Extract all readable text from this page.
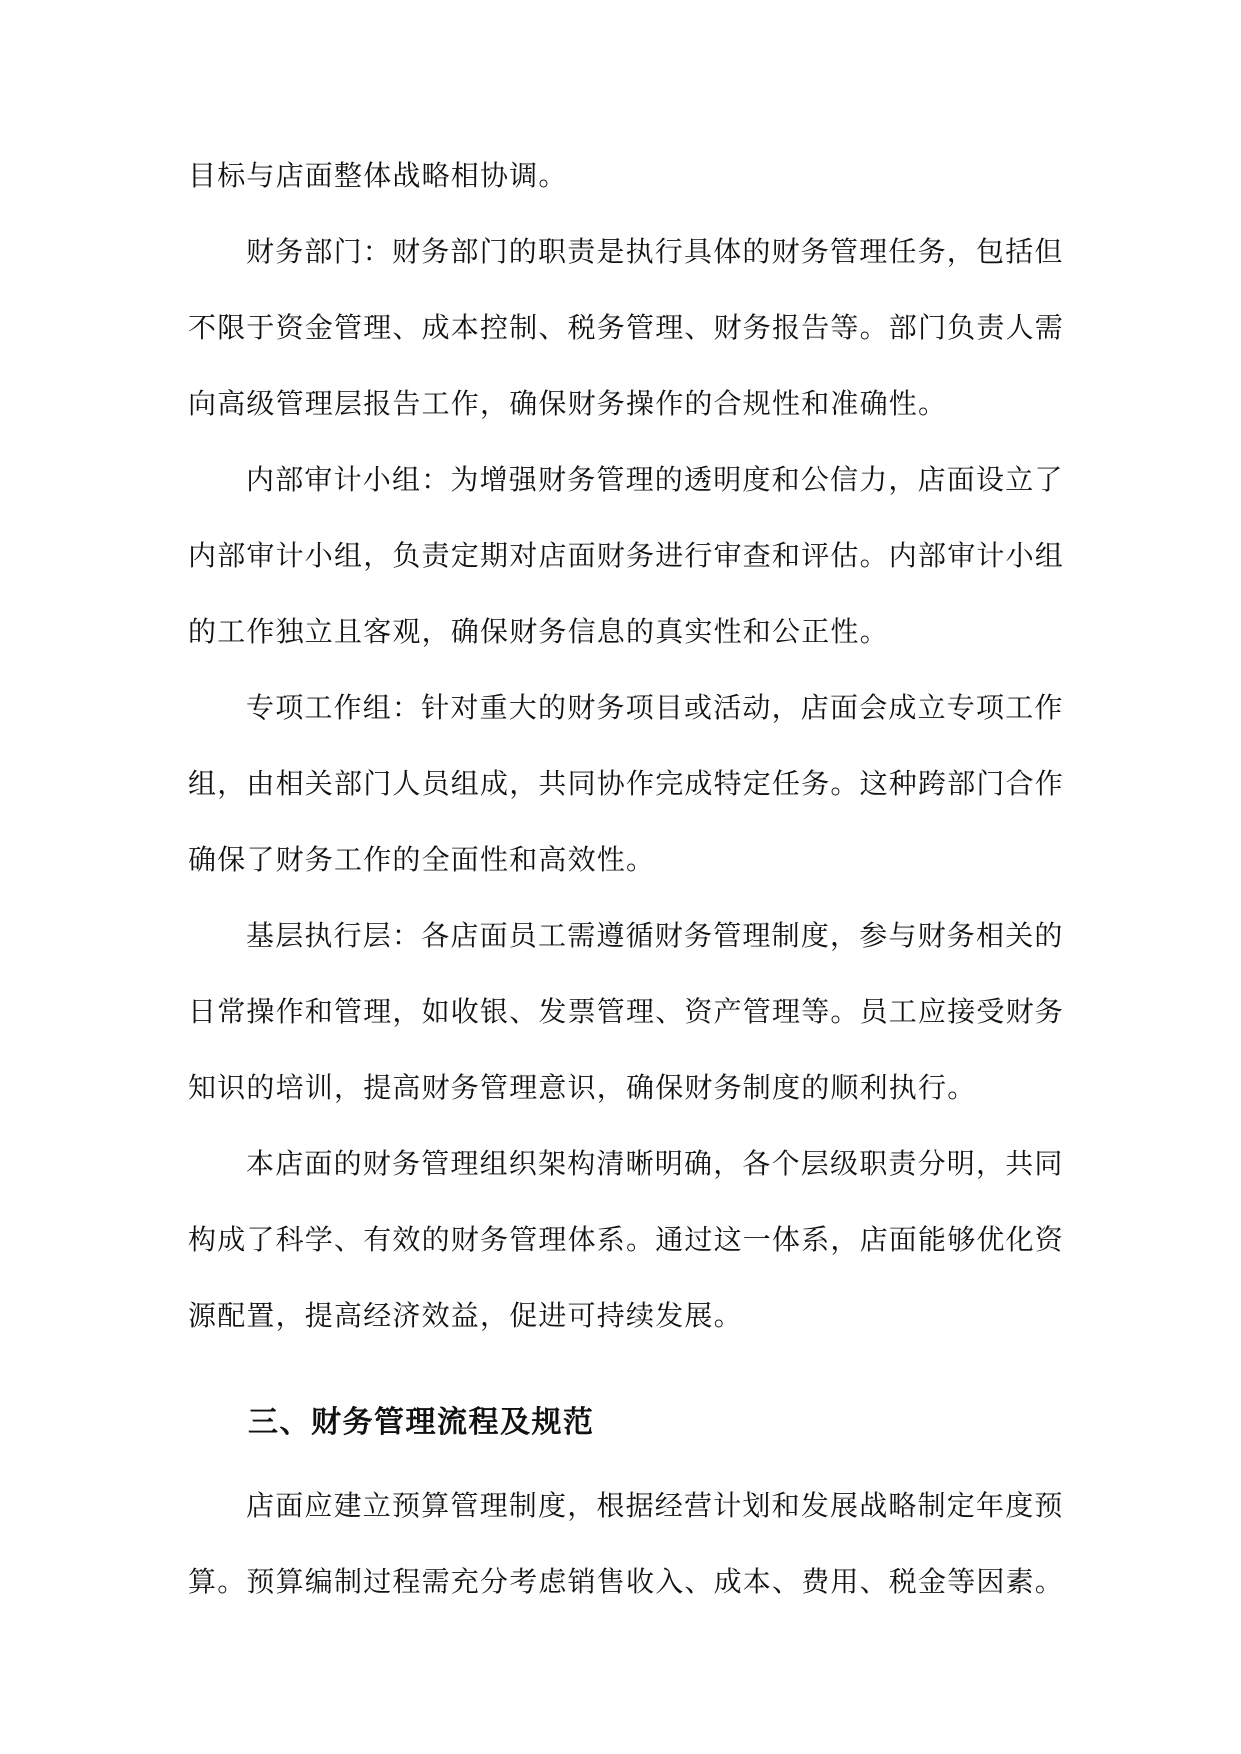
目标与店面整体战略相协调。
财务部门：财务部门的职责是执行具体的财务管理任务，包括但
不限于资金管理、成本控制、税务管理、财务报告等。部门负责人需
向高级管理层报告工作，确保财务操作的合规性和准确性。
内部审计小组：为增强财务管理的透明度和公信力，店面设立了
内部审计小组，负责定期对店面财务进行审查和评估。内部审计小组
的工作独立且客观，确保财务信息的真实性和公正性。
专项工作组：针对重大的财务项目或活动，店面会成立专项工作
组，由相关部门人员组成，共同协作完成特定任务。这种跨部门合作
确保了财务工作的全面性和高效性。
基层执行层：各店面员工需遵循财务管理制度，参与财务相关的
日常操作和管理，如收银、发票管理、资产管理等。员工应接受财务
知识的培训，提高财务管理意识，确保财务制度的顺利执行。
本店面的财务管理组织架构清晰明确，各个层级职责分明，共同
构成了科学、有效的财务管理体系。通过这一体系，店面能够优化资
源配置，提高经济效益，促进可持续发展。
三、财务管理流程及规范
店面应建立预算管理制度，根据经营计划和发展战略制定年度预
算。预算编制过程需充分考虑销售收入、成本、费用、税金等因素。
